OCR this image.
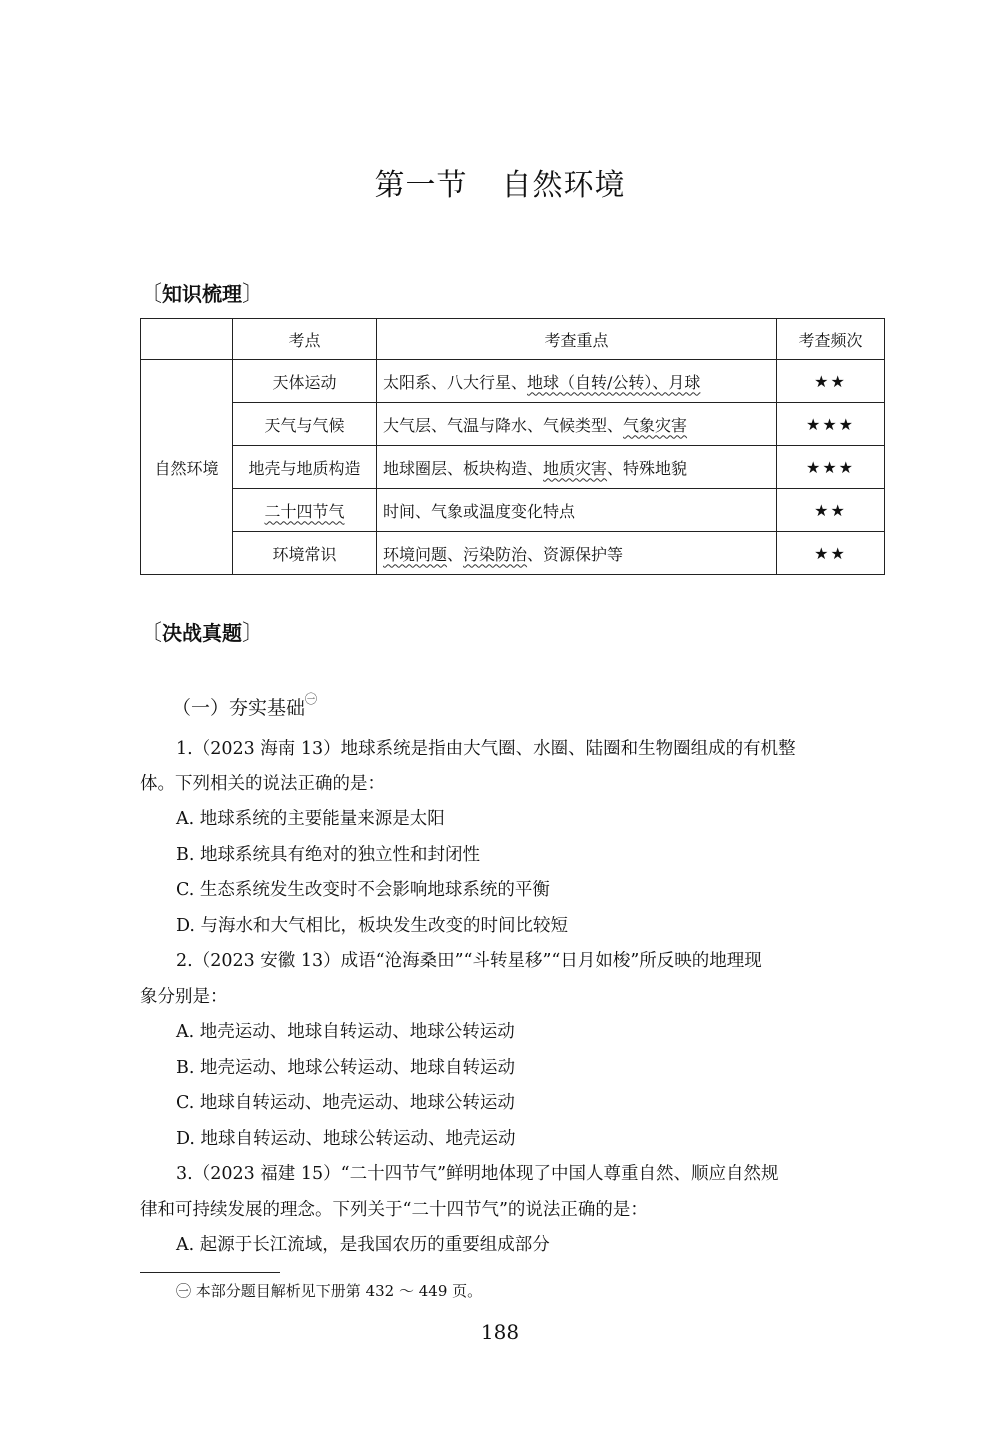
第一节 自然环境
〔知识梳理〕
	考点	考查重点	考查频次
自然环境	天体运动	太阳系、八大行星、地球（自转/公转）、月球	★★
	天气与气候	大气层、气温与降水、气候类型、气象灾害	★★★
	地壳与地质构造	地球圈层、板块构造、地质灾害、特殊地貌	★★★
	二十四节气	时间、气象或温度变化特点	★★
	环境常识	环境问题、污染防治、资源保护等	★★
〔决战真题〕
（一）夯实基础$^㊀$
1.（2023 海南 13）地球系统是指由大气圈、水圈、陆圈和生物圈组成的有机整
体。下列相关的说法正确的是：
A. 地球系统的主要能量来源是太阳
B. 地球系统具有绝对的独立性和封闭性
C. 生态系统发生改变时不会影响地球系统的平衡
D. 与海水和大气相比，板块发生改变的时间比较短
2.（2023 安徽 13）成语“沧海桑田”“斗转星移”“日月如梭”所反映的地理现
象分别是：
A. 地壳运动、地球自转运动、地球公转运动
B. 地壳运动、地球公转运动、地球自转运动
C. 地球自转运动、地壳运动、地球公转运动
D. 地球自转运动、地球公转运动、地壳运动
3.（2023 福建 15）“二十四节气”鲜明地体现了中国人尊重自然、顺应自然规
律和可持续发展的理念。下列关于“二十四节气”的说法正确的是：
A. 起源于长江流域，是我国农历的重要组成部分
㊀ 本部分题目解析见下册第 432 ～ 449 页。
188
